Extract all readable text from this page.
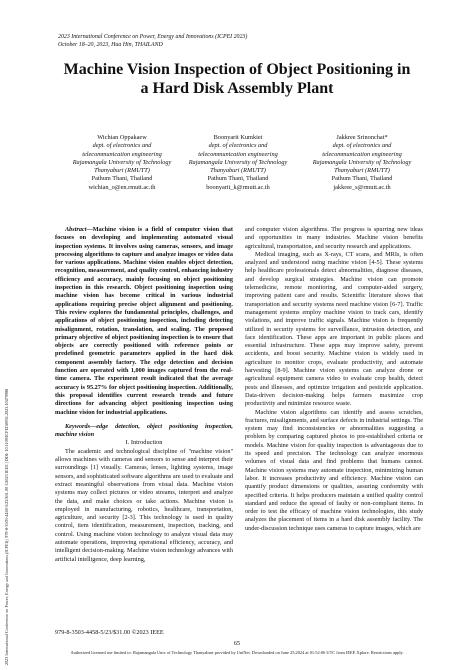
2023 International Conference on Power, Energy and Innovations (ICPEI 2023)
October 18–20, 2023, Hua Hin, THAILAND
2023 International Conference on Power, Energy and Innovations (ICPEI) | 979-8-3503-4458-5/23/$31.00 ©2023 IEEE | DOI: 10.1109/ICPEI58931.2023.10479988
Machine Vision Inspection of Object Positioning in
a Hard Disk Assembly Plant
Wichian Oppakaew
dept. of electronics and
telecommunication engineering
Rajamangala University of Technology
Thanyaburi (RMUTT)
Pathum Thani, Thailand
wichian_o@en.rmutt.ac.th
Boonyarit Kumkiet
dept. of electronics and
telecommunication engineering
Rajamangala University of Technology
Thanyaburi (RMUTT)
Pathum Thani, Thailand
boonyarit_k@rmutt.ac.th
Jakkree Srinonchat*
dept. of electronics and
telecommunication engineering
Rajamangala University of Technology
Thanyaburi (RMUTT)
Pathum Thani, Thailand
jakkree_s@rmutt.ac.th

Abstract—Machine vision is a field of computer vision that focuses on developing and implementing automated visual inspection systems. It involves using cameras, sensors, and image processing algorithms to capture and analyze images or video data for various applications. Machine vision enables object detection, recognition, measurement, and quality control, enhancing industry efficiency and accuracy, mainly focusing on object positioning inspection in this research. Object positioning inspection using machine vision has become critical in various industrial applications requiring precise object alignment and positioning. This review explores the fundamental principles, challenges, and applications of object positioning inspection, including detecting misalignment, rotation, translation, and scaling. The proposed primary objective of object positioning inspection is to ensure that objects are correctly positioned with reference points or predefined geometric parameters applied in the hard disk component assembly factory. The edge detection and decision function are operated with 1,000 images captured from the real-time camera. The experiment result indicated that the average accuracy is 95.27% for object positioning inspection. Additionally, this proposal identifies current research trends and future directions for advancing object positioning inspection using machine vision for industrial applications.

Keywords—edge detection, object positioning inspection, machine vision

I. Introduction

The academic and technological discipline of "machine vision" allows machines with cameras and sensors to sense and interpret their surroundings [1] visually. Cameras, lenses, lighting systems, image sensors, and sophisticated software algorithms are used to evaluate and extract meaningful observations from visual data. Machine vision systems may collect pictures or video streams, interpret and analyze the data, and make choices or take actions. Machine vision is employed in manufacturing, robotics, healthcare, transportation, agriculture, and security [2-3]. This technology is used in quality control, item identification, measurement, inspection, tracking, and control. Using machine vision technology to analyze visual data may automate operations, improving operational efficiency, accuracy, and intelligent decision-making. Machine vision technology advances with artificial intelligence, deep learning,

and computer vision algorithms. The progress is spurring new ideas and opportunities in many industries. Machine vision benefits agricultural, transportation, and security research and applications.

Medical imaging, such as X-rays, CT scans, and MRIs, is often analyzed and understood using machine vision [4-5]. These systems help healthcare professionals detect abnormalities, diagnose diseases, and develop surgical strategies. Machine vision can promote telemedicine, remote monitoring, and computer-aided surgery, improving patient care and results. Scientific literature shows that transportation and security systems need machine vision [6-7]. Traffic management systems employ machine vision to track cars, identify violations, and improve traffic signals. Machine vision is frequently utilized in security systems for surveillance, intrusion detection, and face identification. These apps are important in public places and essential infrastructure. These apps may improve safety, prevent accidents, and boost security. Machine vision is widely used in agriculture to monitor crops, evaluate productivity, and automate harvesting [8-9]. Machine vision systems can analyze drone or agricultural equipment camera video to evaluate crop health, detect pests and illnesses, and optimize irrigation and pesticide application. Data-driven decision-making helps farmers maximize crop productivity and minimize resource waste.

Machine vision algorithms can identify and assess scratches, fractures, misalignments, and surface defects in industrial settings. The system may find inconsistencies or abnormalities suggesting a problem by comparing captured photos to pre-established criteria or models. Machine vision for quality inspection is advantageous due to its speed and precision. The technology can analyze enormous volumes of visual data and find problems that humans cannot. Machine vision systems may automate inspection, minimizing human labor. It increases productivity and efficiency. Machine vision can quantify product dimensions or qualities, assuring conformity with specified criteria. It helps producers maintain a unified quality control standard and reduce the spread of faulty or non-compliant items. In order to test the efficacy of machine vision technologies, this study analyzes the placement of items in a hard disk assembly facility. The under-discussion technique uses cameras to capture images, which are

979-8-3503-4458-5/23/$31.00 ©2023 IEEE
65
Authorized licensed use limited to: Rajamangala Univ of Technology Thanyaburi provided by UniNet. Downloaded on June 25,2024 at 01:52:06 UTC from IEEE Xplore. Restrictions apply.
